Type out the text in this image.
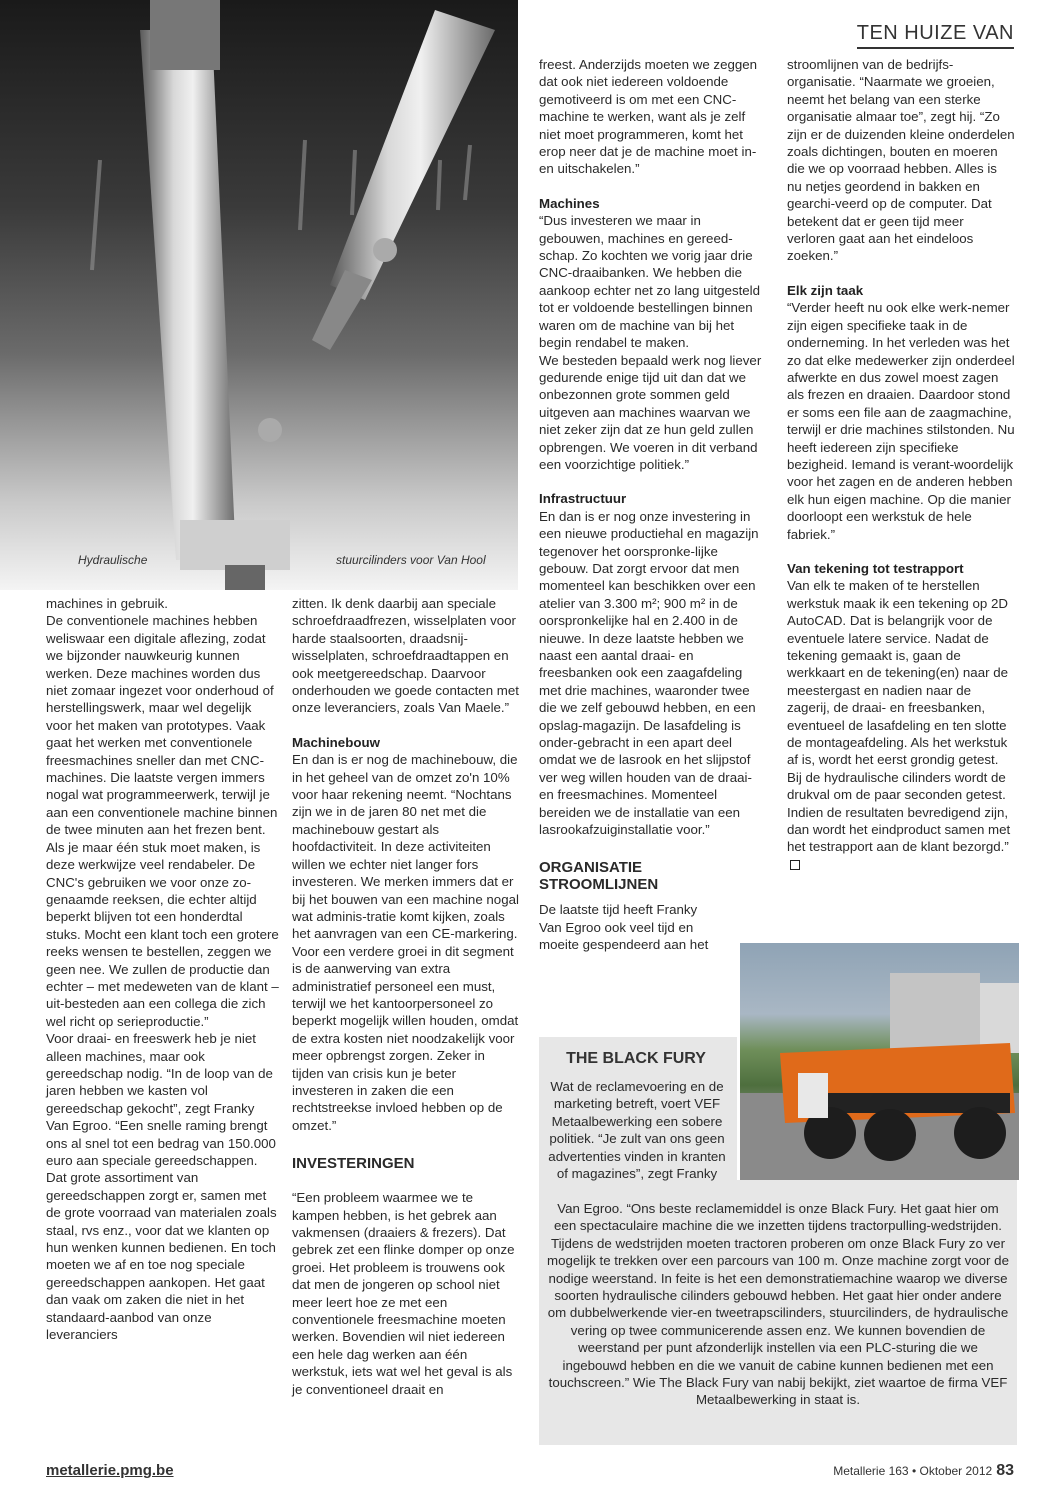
TEN HUIZE VAN
Hydraulische	stuurcilinders voor Van Hool

machines in gebruik.

De conventionele machines hebben weliswaar een digitale aflezing, zodat we bijzonder nauwkeurig kunnen werken. Deze machines worden dus niet zomaar ingezet voor onderhoud of herstellingswerk, maar wel degelijk voor het maken van prototypes. Vaak gaat het werken met conventionele freesmachines sneller dan met CNC-machines. Die laatste vergen immers nogal wat programmeerwerk, terwijl je aan een conventionele machine binnen de twee minuten aan het frezen bent. Als je maar één stuk moet maken, is deze werkwijze veel rendabeler. De CNC's gebruiken we voor onze zo-genaamde reeksen, die echter altijd beperkt blijven tot een honderdtal stuks. Mocht een klant toch een grotere reeks wensen te bestellen, zeggen we geen nee. We zullen de productie dan echter – met medeweten van de klant – uit-besteden aan een collega die zich wel richt op serieproductie.”

Voor draai- en freeswerk heb je niet alleen machines, maar ook gereedschap nodig. “In de loop van de jaren hebben we kasten vol gereedschap gekocht”, zegt Franky Van Egroo. “Een snelle raming brengt ons al snel tot een bedrag van 150.000 euro aan speciale gereedschappen. Dat grote assortiment van gereedschappen zorgt er, samen met de grote voorraad van materialen zoals staal, rvs enz., voor dat we klanten op hun wenken kunnen bedienen. En toch moeten we af en toe nog speciale gereedschappen aankopen. Het gaat dan vaak om zaken die niet in het standaard-aanbod van onze leveranciers

zitten. Ik denk daarbij aan speciale schroefdraadfrezen, wisselplaten voor harde staalsoorten, draadsnij-wisselplaten, schroefdraadtappen en ook meetgereedschap. Daarvoor onderhouden we goede contacten met onze leveranciers, zoals Van Maele.”

Machinebouw

En dan is er nog de machinebouw, die in het geheel van de omzet zo'n 10% voor haar rekening neemt. “Nochtans zijn we in de jaren 80 net met die machinebouw gestart als hoofdactiviteit. In deze activiteiten willen we echter niet langer fors investeren. We merken immers dat er bij het bouwen van een machine nogal wat adminis-tratie komt kijken, zoals het aanvragen van een CE-markering. Voor een verdere groei in dit segment is de aanwerving van extra administratief personeel een must, terwijl we het kantoorpersoneel zo beperkt mogelijk willen houden, omdat de extra kosten niet noodzakelijk voor meer opbrengst zorgen. Zeker in tijden van crisis kun je beter investeren in zaken die een rechtstreekse invloed hebben op de omzet.”

INVESTERINGEN

“Een probleem waarmee we te kampen hebben, is het gebrek aan vakmensen (draaiers & frezers). Dat gebrek zet een flinke domper op onze groei. Het probleem is trouwens ook dat men de jongeren op school niet meer leert hoe ze met een conventionele freesmachine moeten werken. Bovendien wil niet iedereen een hele dag werken aan één werkstuk, iets wat wel het geval is als je conventioneel draait en

freest. Anderzijds moeten we zeggen dat ook niet iedereen voldoende gemotiveerd is om met een CNC-machine te werken, want als je zelf niet moet programmeren, komt het erop neer dat je de machine moet in- en uitschakelen.”

Machines

“Dus investeren we maar in gebouwen, machines en gereed-schap. Zo kochten we vorig jaar drie CNC-draaibanken. We hebben die aankoop echter net zo lang uitgesteld tot er voldoende bestellingen binnen waren om de machine van bij het begin rendabel te maken.

We besteden bepaald werk nog liever gedurende enige tijd uit dan dat we onbezonnen grote sommen geld uitgeven aan machines waarvan we niet zeker zijn dat ze hun geld zullen opbrengen. We voeren in dit verband een voorzichtige politiek.”

Infrastructuur

En dan is er nog onze investering in een nieuwe productiehal en magazijn tegenover het oorspronke-lijke gebouw. Dat zorgt ervoor dat men momenteel kan beschikken over een atelier van 3.300 m²; 900 m² in de oorspronkelijke hal en 2.400 in de nieuwe. In deze laatste hebben we naast een aantal draai- en freesbanken ook een zaagafdeling met drie machines, waaronder twee die we zelf gebouwd hebben, en een opslag-magazijn. De lasafdeling is onder-gebracht in een apart deel omdat we de lasrook en het slijpstof ver weg willen houden van de draai- en freesmachines. Momenteel bereiden we de installatie van een lasrookafzuiginstallatie voor.”

ORGANISATIE

STROOMLIJNEN

De laatste tijd heeft Franky Van Egroo ook veel tijd en moeite gespendeerd aan het

stroomlijnen van de bedrijfs-organisatie. “Naarmate we groeien, neemt het belang van een sterke organisatie almaar toe”, zegt hij. “Zo zijn er de duizenden kleine onderdelen zoals dichtingen, bouten en moeren die we op voorraad hebben. Alles is nu netjes geordend in bakken en gearchi-veerd op de computer. Dat betekent dat er geen tijd meer verloren gaat aan het eindeloos zoeken.”

Elk zijn taak

“Verder heeft nu ook elke werk-nemer zijn eigen specifieke taak in de onderneming. In het verleden was het zo dat elke medewerker zijn onderdeel afwerkte en dus zowel moest zagen als frezen en draaien. Daardoor stond er soms een file aan de zaagmachine, terwijl er drie machines stilstonden. Nu heeft iedereen zijn specifieke bezigheid. Iemand is verant-woordelijk voor het zagen en de anderen hebben elk hun eigen machine. Op die manier doorloopt een werkstuk de hele fabriek.”

Van tekening tot testrapport

Van elk te maken of te herstellen werkstuk maak ik een tekening op 2D AutoCAD. Dat is belangrijk voor de eventuele latere service. Nadat de tekening gemaakt is, gaan de werkkaart en de tekening(en) naar de meestergast en nadien naar de zagerij, de draai- en freesbanken, eventueel de lasafdeling en ten slotte de montageafdeling. Als het werkstuk af is, wordt het eerst grondig getest. Bij de hydraulische cilinders wordt de drukval om de paar seconden getest.

Indien de resultaten bevredigend zijn, dan wordt het eindproduct samen met het testrapport aan de klant bezorgd.”

THE BLACK FURY
Wat de reclamevoering en de marketing betreft, voert VEF Metaalbewerking een sobere politiek. “Je zult van ons geen advertenties vinden in kranten of magazines”, zegt Franky
Van Egroo. “Ons beste reclamemiddel is onze Black Fury. Het gaat hier om een spectaculaire machine die we inzetten tijdens tractorpulling-wedstrijden. Tijdens de wedstrijden moeten tractoren proberen om onze Black Fury zo ver mogelijk te trekken over een parcours van 100 m. Onze machine zorgt voor de nodige weerstand. In feite is het een demonstratiemachine waarop we diverse soorten hydraulische cilinders gebouwd hebben. Het gaat hier onder andere om dubbelwerkende vier-en tweetrapscilinders, stuurcilinders, de hydraulische vering op twee communicerende assen enz. We kunnen bovendien de weerstand per punt afzonderlijk instellen via een PLC-sturing die we ingebouwd hebben en die we vanuit de cabine kunnen bedienen met een touchscreen.” Wie The Black Fury van nabij bekijkt, ziet waartoe de firma VEF Metaalbewerking in staat is.
metallerie.pmg.be	Metallerie 163 • Oktober 2012 83
